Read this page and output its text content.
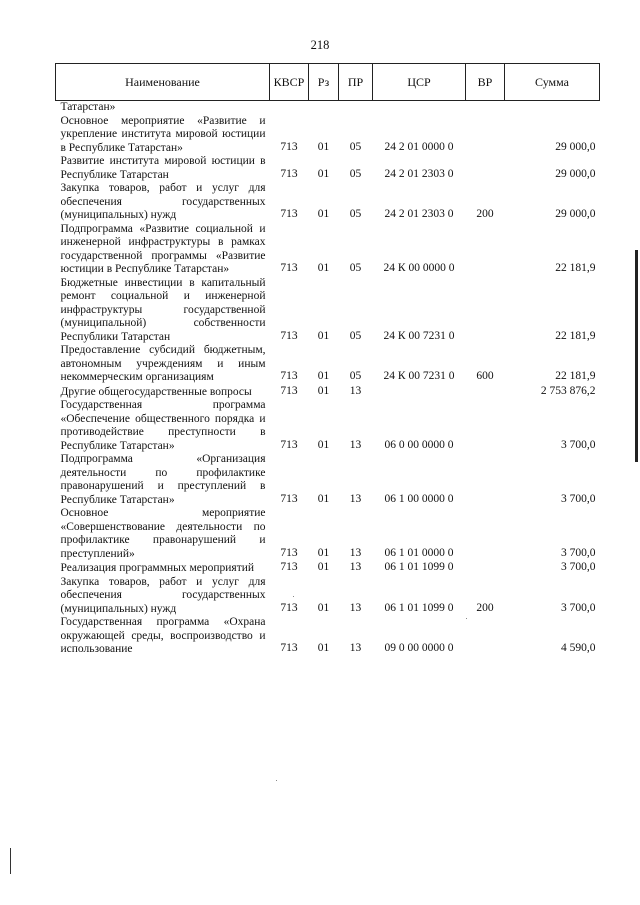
218
Наименование	КВСР	Рз	ПР	ЦСР	ВР	Сумма
Татарстан»						
Основное мероприятие «Развитие и укрепление института мировой юстиции в Республике Татарстан»	713	01	05	24 2 01 0000 0		29 000,0
Развитие института мировой юстиции в Республике Татарстан	713	01	05	24 2 01 2303 0		29 000,0
Закупка товаров, работ и услуг для обеспечения государственных (муниципальных) нужд	713	01	05	24 2 01 2303 0	200	29 000,0
Подпрограмма «Развитие социальной и инженерной инфраструктуры в рамках государственной программы «Развитие юстиции в Республике Татарстан»	713	01	05	24 К 00 0000 0		22 181,9
Бюджетные инвестиции в капитальный ремонт социальной и инженерной инфраструктуры государственной (муниципальной) собственности Республики Татарстан	713	01	05	24 К 00 7231 0		22 181,9
Предоставление субсидий бюджетным, автономным учреждениям и иным некоммерческим организациям	713	01	05	24 К 00 7231 0	600	22 181,9
Другие общегосударственные вопросы	713	01	13			2 753 876,2
Государственная программа «Обеспечение общественного порядка и противодействие преступности в Республике Татарстан»	713	01	13	06 0 00 0000 0		3 700,0
Подпрограмма «Организация деятельности по профилактике правонарушений и преступлений в Республике Татарстан»	713	01	13	06 1 00 0000 0		3 700,0
Основное мероприятие «Совершенствование деятельности по профилактике правонарушений и преступлений»	713	01	13	06 1 01 0000 0		3 700,0
Реализация программных мероприятий	713	01	13	06 1 01 1099 0		3 700,0
Закупка товаров, работ и услуг для обеспечения государственных (муниципальных) нужд	713	01	13	06 1 01 1099 0	200	3 700,0
Государственная программа «Охрана окружающей среды, воспроизводство и использование	713	01	13	09 0 00 0000 0		4 590,0
